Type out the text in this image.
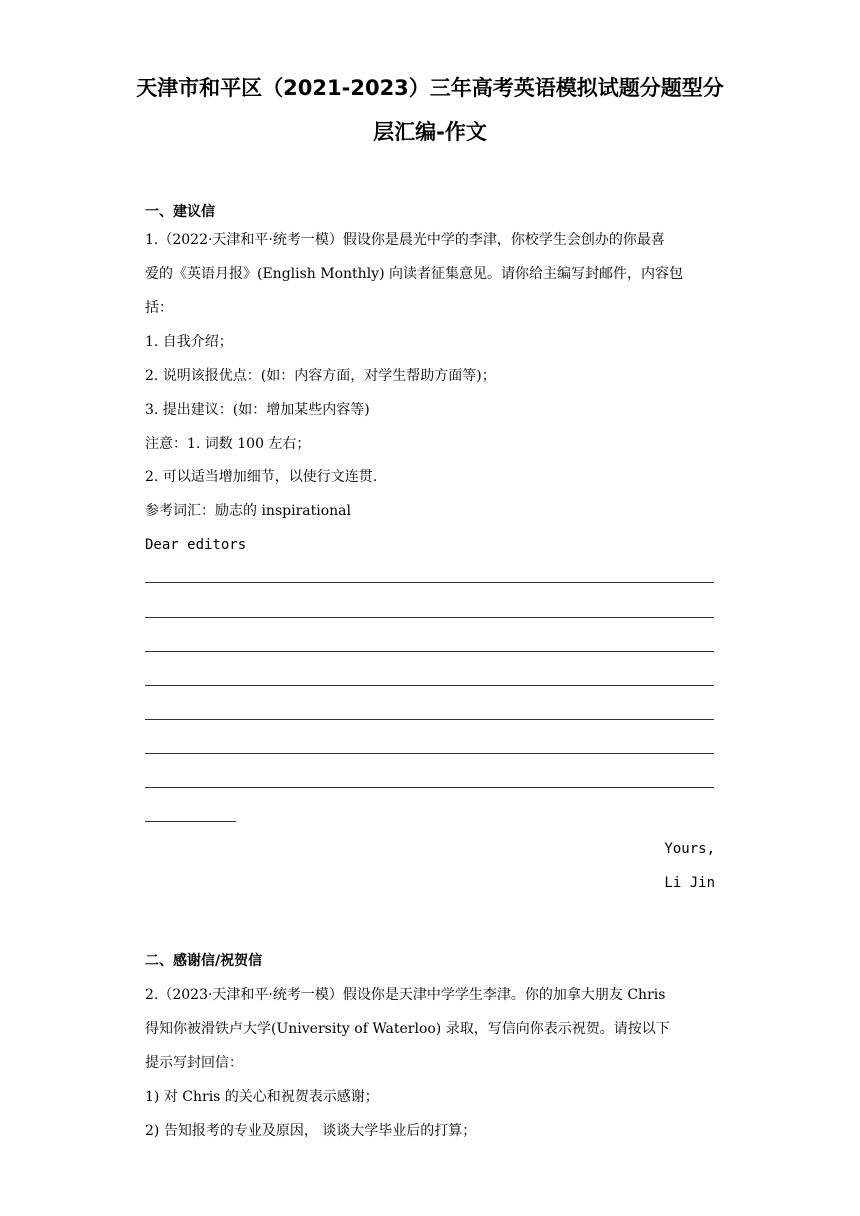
天津市和平区（2021-2023）三年高考英语模拟试题分题型分
层汇编-作文
一、建议信
1.（2022·天津和平·统考一模）假设你是晨光中学的李津，你校学生会创办的你最喜
爱的《英语月报》(English Monthly) 向读者征集意见。请你给主编写封邮件，内容包
括：
1. 自我介绍；
2. 说明该报优点：(如：内容方面，对学生帮助方面等)；
3. 提出建议：(如：增加某些内容等)
注意：1. 词数 100 左右；
2. 可以适当增加细节，以使行文连贯.
参考词汇：励志的 inspirational
Dear editors
Yours,
Li Jin
二、感谢信/祝贺信
2.（2023·天津和平·统考一模）假设你是天津中学学生李津。你的加拿大朋友 Chris
得知你被滑铁卢大学(University of Waterloo) 录取，写信向你表示祝贺。请按以下
提示写封回信：
1) 对 Chris 的关心和祝贺表示感谢；
2) 告知报考的专业及原因， 谈谈大学毕业后的打算；
